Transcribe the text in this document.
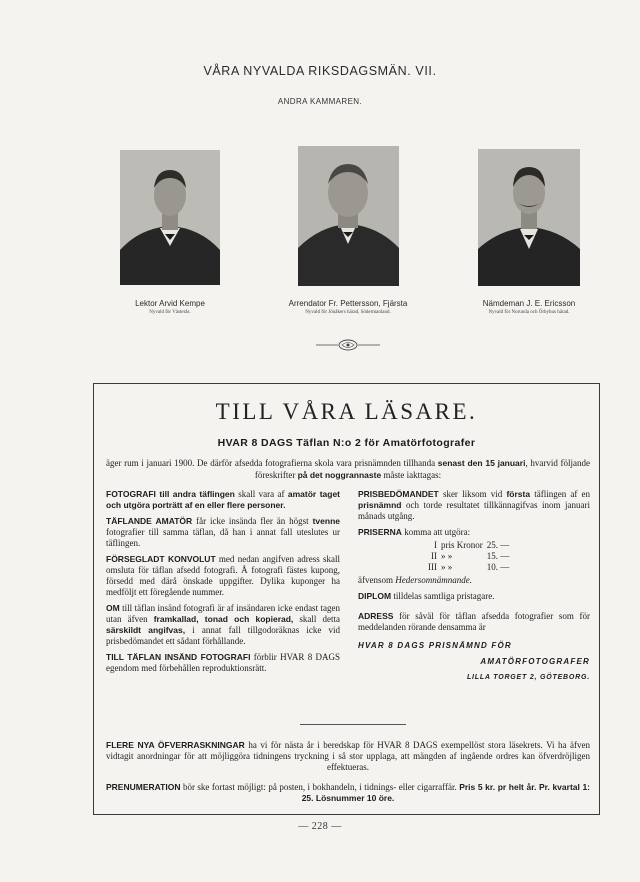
VÅRA NYVALDA RIKSDAGSMÄN. VII.
ANDRA KAMMAREN.
Lektor Arvid Kempe
Nyvald för Västerås.
Arrendator Fr. Pettersson, Fjärsta
Nyvald för Jönåkers härad, Södermanland.
Nämdeman J. E. Ericsson
Nyvald för Norunda och Örbyhus härad.
TILL VÅRA LÄSARE.
HVAR 8 DAGS Täflan N:o 2 för Amatörfotografer
äger rum i januari 1900. De därför afsedda fotografierna skola vara prisnämnden tillhanda senast den 15 januari, hvarvid följande föreskrifter på det noggrannaste måste iakttagas:

FOTOGRAFI till andra täflingen skall vara af amatör taget och utgöra porträtt af en eller flere personer.

TÄFLANDE AMATÖR får icke insända fler än högst tvenne fotografier till samma täflan, då han i annat fall uteslutes ur täflingen.

FÖRSEGLADT KONVOLUT med nedan angifven adress skall omsluta för täflan afsedd fotografi. Å fotografi fästes kupong, försedd med därå önskade uppgifter. Dylika kuponger ha medföljt ett föregående nummer.

OM till täflan insänd fotografi är af insändaren icke endast tagen utan äfven framkallad, tonad och kopierad, skall detta särskildt angifvas, i annat fall tillgodoräknas icke vid prisbedömandet ett sådant förhållande.

TILL TÄFLAN INSÄND FOTOGRAFI förblir HVAR 8 DAGS egendom med förbehållen reproduktionsrätt.

PRISBEDÖMANDET sker liksom vid första täflingen af en prisnämnd och torde resultatet tillkännagifvas inom januari månads utgång.

PRISERNA komma att utgöra:

I	pris Kronor	25. —
II	» »	15. —
III	» »	10. —

äfvensom Hedersomnämnande.

DIPLOM tilldelas samtliga pristagare.

ADRESS för såväl för täflan afsedda fotografier som för meddelanden rörande densamma är

HVAR 8 DAGS PRISNÄMND FÖR
AMATÖRFOTOGRAFER
LILLA TORGET 2, GÖTEBORG.
FLERE NYA ÖFVERRASKNINGAR ha vi för nästa år i beredskap för HVAR 8 DAGS exempellöst stora läsekrets. Vi ha äfven vidtagit anordningar för att möjliggöra tidningens tryckning i så stor upplaga, att mängden af ingående ordres kan öfverdröjligen effektueras.
PRENUMERATION bör ske fortast möjligt: på posten, i bokhandeln, i tidnings- eller cigarraffär. Pris 5 kr. pr helt år. Pr. kvartal 1: 25. Lösnummer 10 öre.
— 228 —
